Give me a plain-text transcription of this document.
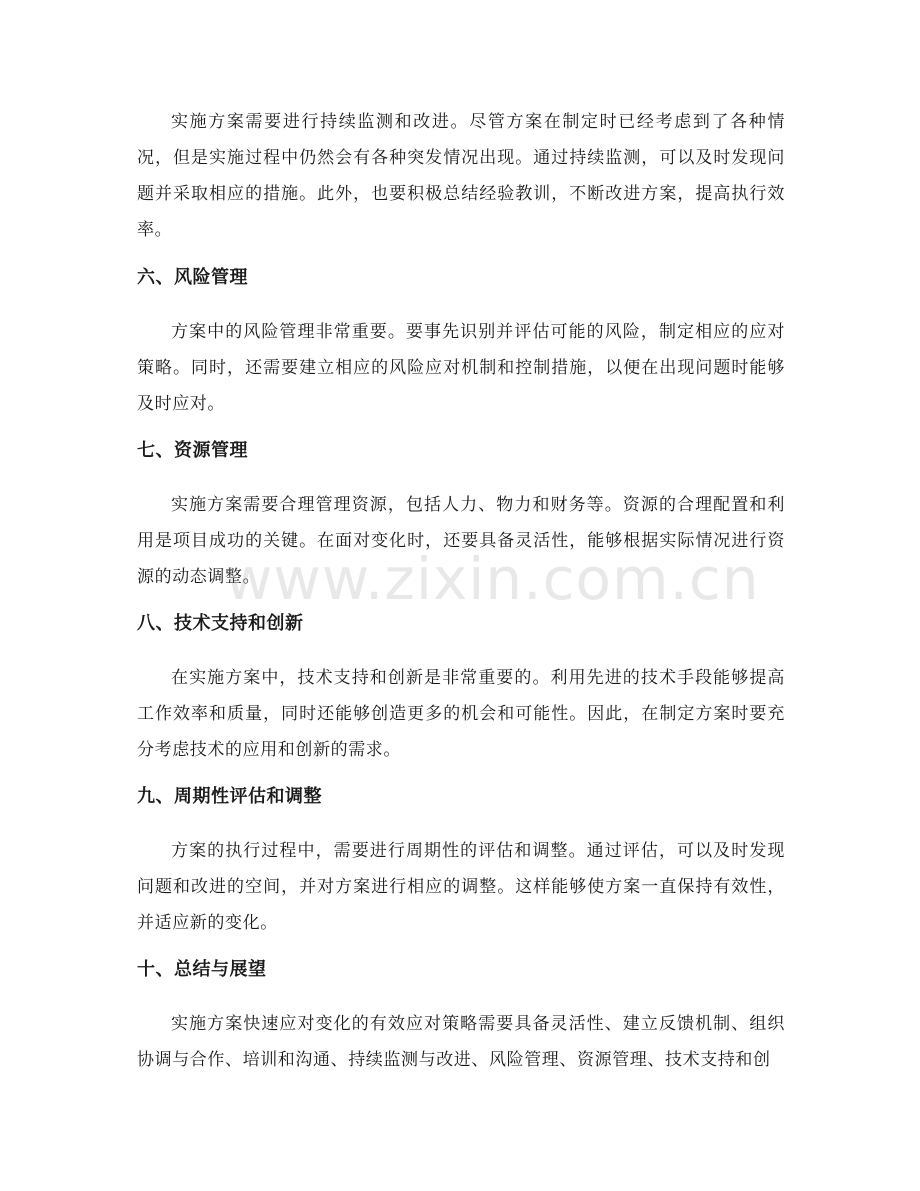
实施方案需要进行持续监测和改进。尽管方案在制定时已经考虑到了各种情况，但是实施过程中仍然会有各种突发情况出现。通过持续监测，可以及时发现问题并采取相应的措施。此外，也要积极总结经验教训，不断改进方案，提高执行效率。

六、风险管理

方案中的风险管理非常重要。要事先识别并评估可能的风险，制定相应的应对策略。同时，还需要建立相应的风险应对机制和控制措施，以便在出现问题时能够及时应对。

七、资源管理

实施方案需要合理管理资源，包括人力、物力和财务等。资源的合理配置和利用是项目成功的关键。在面对变化时，还要具备灵活性，能够根据实际情况进行资源的动态调整。

八、技术支持和创新

在实施方案中，技术支持和创新是非常重要的。利用先进的技术手段能够提高工作效率和质量，同时还能够创造更多的机会和可能性。因此，在制定方案时要充分考虑技术的应用和创新的需求。

九、周期性评估和调整

方案的执行过程中，需要进行周期性的评估和调整。通过评估，可以及时发现问题和改进的空间，并对方案进行相应的调整。这样能够使方案一直保持有效性，并适应新的变化。

十、总结与展望

实施方案快速应对变化的有效应对策略需要具备灵活性、建立反馈机制、组织协调与合作、培训和沟通、持续监测与改进、风险管理、资源管理、技术支持和创

www.zixin.com.cn
